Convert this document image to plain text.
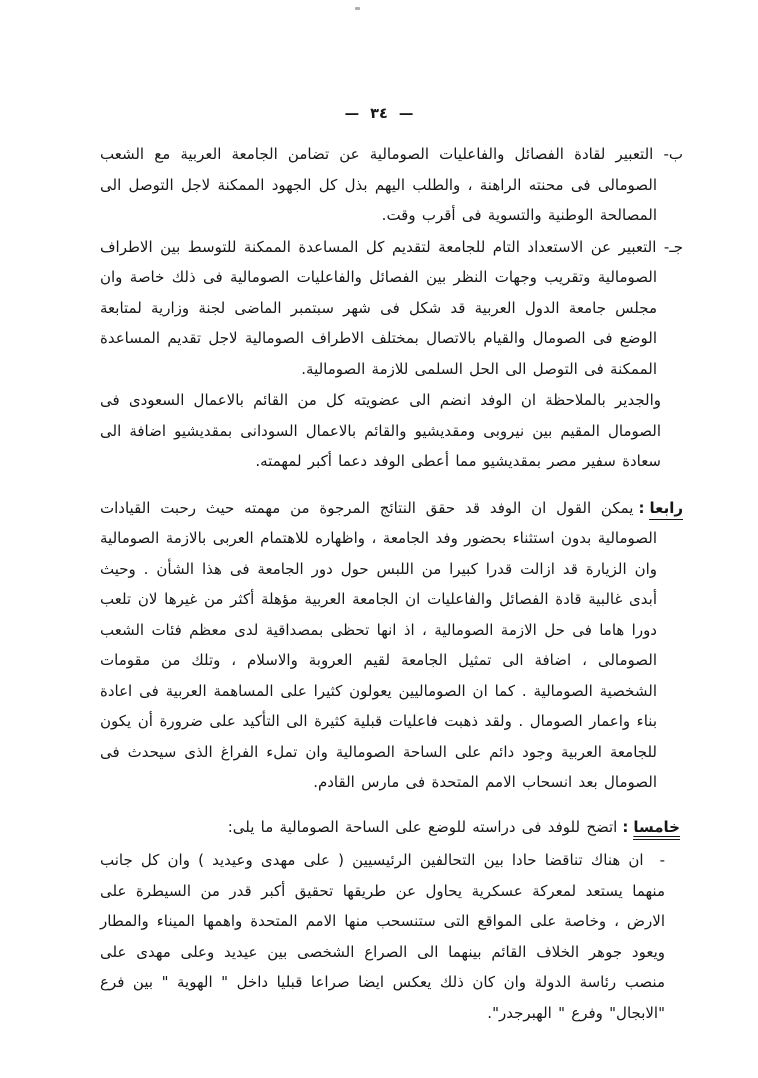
— ٣٤ —

ب- التعبير لقادة الفصائل والفاعليات الصومالية عن تضامن الجامعة العربية مع الشعب الصومالى فى محنته الراهنة ، والطلب اليهم بذل كل الجهود الممكنة لاجل التوصل الى المصالحة الوطنية والتسوية فى أقرب وقت.

جـ- التعبير عن الاستعداد التام للجامعة لتقديم كل المساعدة الممكنة للتوسط بين الاطراف الصومالية وتقريب وجهات النظر بين الفصائل والفاعليات الصومالية فى ذلك خاصة وان مجلس جامعة الدول العربية قد شكل فى شهر سبتمبر الماضى لجنة وزارية لمتابعة الوضع فى الصومال والقيام بالاتصال بمختلف الاطراف الصومالية لاجل تقديم المساعدة الممكنة فى التوصل الى الحل السلمى للازمة الصومالية.

والجدير بالملاحظة ان الوفد انضم الى عضويته كل من القائم بالاعمال السعودى فى الصومال المقيم بين نيروبى ومقديشيو والقائم بالاعمال السودانى بمقديشيو اضافة الى سعادة سفير مصر بمقديشيو مما أعطى الوفد دعما أكبر لمهمته.

رابعا:يمكن القول ان الوفد قد حقق النتائج المرجوة من مهمته حيث رحبت القيادات الصومالية بدون استثناء بحضور وفد الجامعة ، واظهاره للاهتمام العربى بالازمة الصومالية وان الزيارة قد ازالت قدرا كبيرا من اللبس حول دور الجامعة فى هذا الشأن . وحيث أبدى غالبية قادة الفصائل والفاعليات ان الجامعة العربية مؤهلة أكثر من غيرها لان تلعب دورا هاما فى حل الازمة الصومالية ، اذ انها تحظى بمصداقية لدى معظم فئات الشعب الصومالى ، اضافة الى تمثيل الجامعة لقيم العروبة والاسلام ، وتلك من مقومات الشخصية الصومالية . كما ان الصوماليين يعولون كثيرا على المساهمة العربية فى اعادة بناء واعمار الصومال . ولقد ذهبت فاعليات قبلية كثيرة الى التأكيد على ضرورة أن يكون للجامعة العربية وجود دائم على الساحة الصومالية وان تملء الفراغ الذى سيحدث فى الصومال بعد انسحاب الامم المتحدة فى مارس القادم.

خامسا:اتضح للوفد فى دراسته للوضع على الساحة الصومالية ما يلى:

-ان هناك تناقضا حادا بين التحالفين الرئيسيين ( على مهدى وعيديد ) وان كل جانب منهما يستعد لمعركة عسكرية يحاول عن طريقها تحقيق أكبر قدر من السيطرة على الارض ، وخاصة على المواقع التى ستنسحب منها الامم المتحدة واهمها الميناء والمطار ويعود جوهر الخلاف القائم بينهما الى الصراع الشخصى بين عيديد وعلى مهدى على منصب رئاسة الدولة وان كان ذلك يعكس ايضا صراعا قبليا داخل " الهوية " بين فرع "الابجال" وفرع " الهبرجدر".
